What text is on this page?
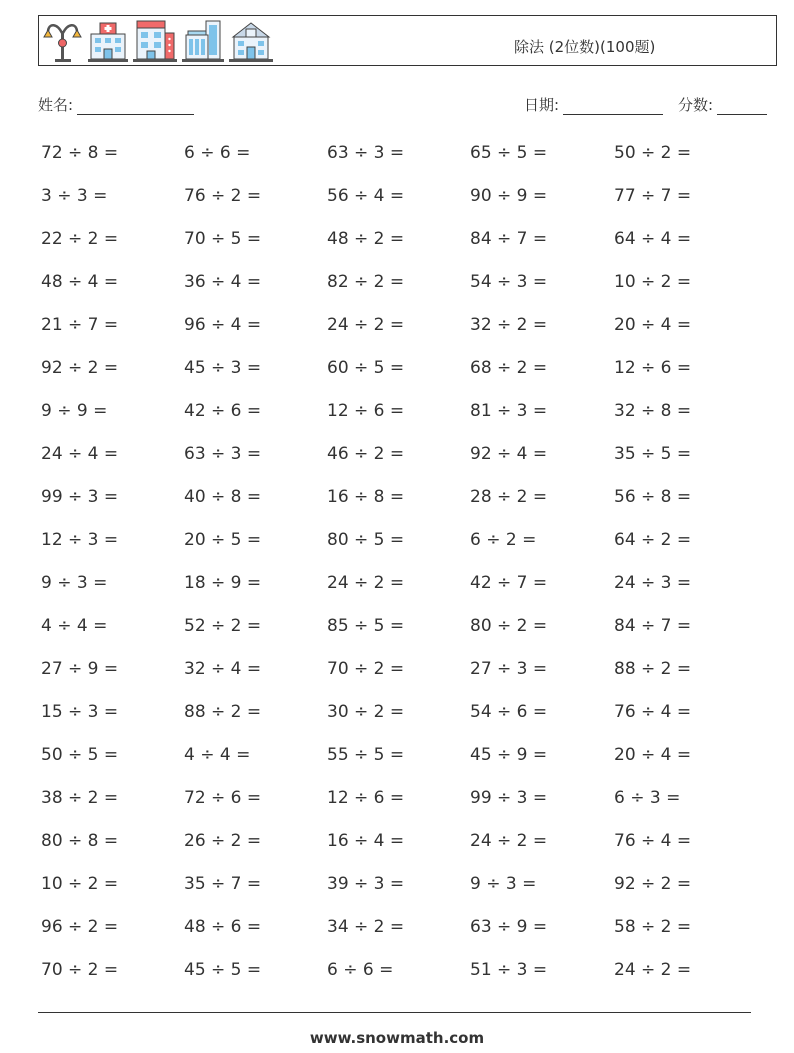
除法 (2位数)(100题)
姓名:	日期:	分数:
72 ÷ 8 =	6 ÷ 6 =	63 ÷ 3 =	65 ÷ 5 =	50 ÷ 2 =
3 ÷ 3 =	76 ÷ 2 =	56 ÷ 4 =	90 ÷ 9 =	77 ÷ 7 =
22 ÷ 2 =	70 ÷ 5 =	48 ÷ 2 =	84 ÷ 7 =	64 ÷ 4 =
48 ÷ 4 =	36 ÷ 4 =	82 ÷ 2 =	54 ÷ 3 =	10 ÷ 2 =
21 ÷ 7 =	96 ÷ 4 =	24 ÷ 2 =	32 ÷ 2 =	20 ÷ 4 =
92 ÷ 2 =	45 ÷ 3 =	60 ÷ 5 =	68 ÷ 2 =	12 ÷ 6 =
9 ÷ 9 =	42 ÷ 6 =	12 ÷ 6 =	81 ÷ 3 =	32 ÷ 8 =
24 ÷ 4 =	63 ÷ 3 =	46 ÷ 2 =	92 ÷ 4 =	35 ÷ 5 =
99 ÷ 3 =	40 ÷ 8 =	16 ÷ 8 =	28 ÷ 2 =	56 ÷ 8 =
12 ÷ 3 =	20 ÷ 5 =	80 ÷ 5 =	6 ÷ 2 =	64 ÷ 2 =
9 ÷ 3 =	18 ÷ 9 =	24 ÷ 2 =	42 ÷ 7 =	24 ÷ 3 =
4 ÷ 4 =	52 ÷ 2 =	85 ÷ 5 =	80 ÷ 2 =	84 ÷ 7 =
27 ÷ 9 =	32 ÷ 4 =	70 ÷ 2 =	27 ÷ 3 =	88 ÷ 2 =
15 ÷ 3 =	88 ÷ 2 =	30 ÷ 2 =	54 ÷ 6 =	76 ÷ 4 =
50 ÷ 5 =	4 ÷ 4 =	55 ÷ 5 =	45 ÷ 9 =	20 ÷ 4 =
38 ÷ 2 =	72 ÷ 6 =	12 ÷ 6 =	99 ÷ 3 =	6 ÷ 3 =
80 ÷ 8 =	26 ÷ 2 =	16 ÷ 4 =	24 ÷ 2 =	76 ÷ 4 =
10 ÷ 2 =	35 ÷ 7 =	39 ÷ 3 =	9 ÷ 3 =	92 ÷ 2 =
96 ÷ 2 =	48 ÷ 6 =	34 ÷ 2 =	63 ÷ 9 =	58 ÷ 2 =
70 ÷ 2 =	45 ÷ 5 =	6 ÷ 6 =	51 ÷ 3 =	24 ÷ 2 =
www.snowmath.com
